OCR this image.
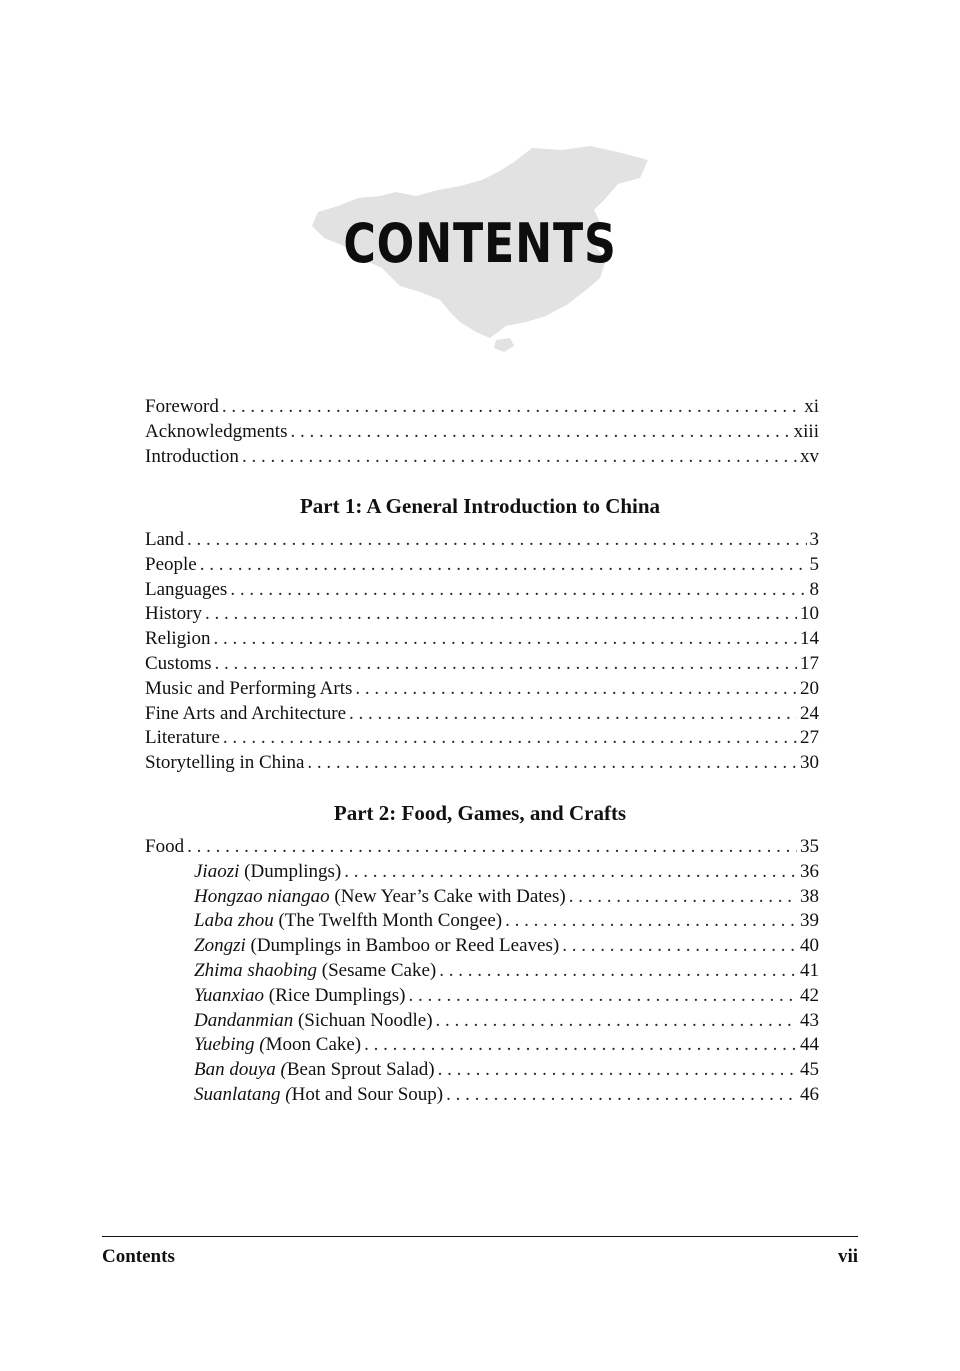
CONTENTS
Foreword . . .	xi
Acknowledgments . . .	xiii
Introduction . . .	xv
Part 1: A General Introduction to China
Land . . .	3
People . . .	5
Languages . . .	8
History . . .	10
Religion . . .	14
Customs . . .	17
Music and Performing Arts . . .	20
Fine Arts and Architecture . . .	24
Literature . . .	27
Storytelling in China . . .	30
Part 2: Food, Games, and Crafts
Food . . .	35
Jiaozi (Dumplings) . . .	36
Hongzao niangao (New Year’s Cake with Dates) . . .	38
Laba zhou (The Twelfth Month Congee) . . .	39
Zongzi (Dumplings in Bamboo or Reed Leaves) . . .	40
Zhima shaobing (Sesame Cake) . . .	41
Yuanxiao (Rice Dumplings) . . .	42
Dandanmian (Sichuan Noodle) . . .	43
Yuebing (Moon Cake) . . .	44
Ban douya (Bean Sprout Salad) . . .	45
Suanlatang (Hot and Sour Soup) . . .	46
Contents	vii
